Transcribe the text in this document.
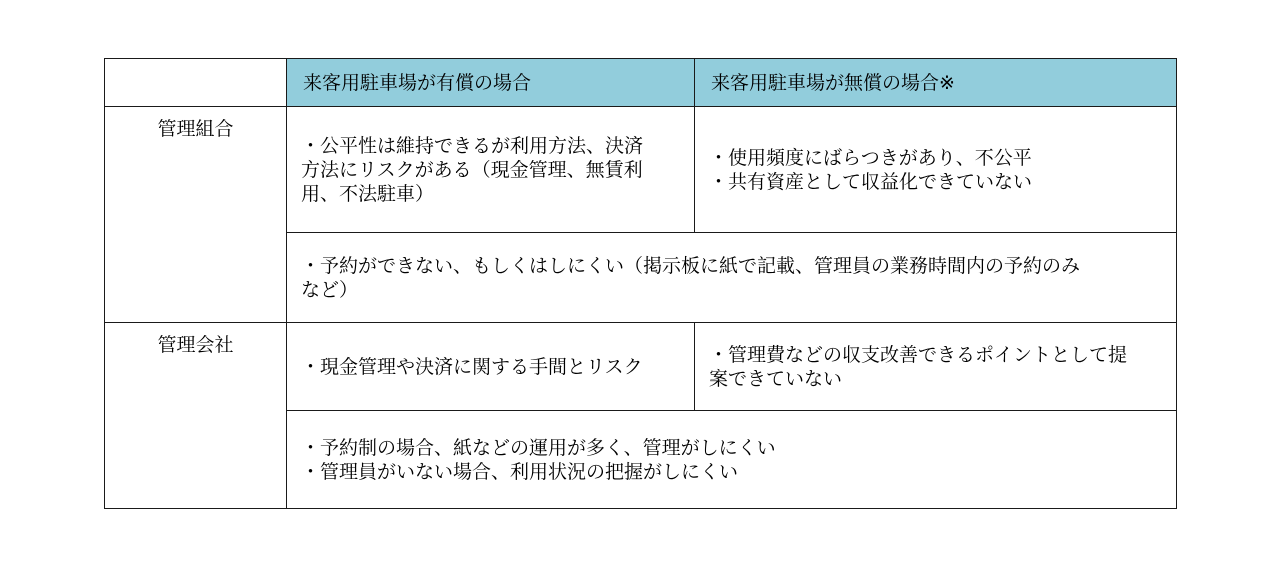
	来客用駐車場が有償の場合	来客用駐車場が無償の場合※
管理組合	・公平性は維持できるが利用方法、決済
方法にリスクがある（現金管理、無賃利
用、不法駐車）	・使用頻度にばらつきがあり、不公平
・共有資産として収益化できていない

	・予約ができない、もしくはしにくい（掲示板に紙で記載、管理員の業務時間内の予約のみ
など）	

管理会社	・現金管理や決済に関する手間とリスク	・管理費などの収支改善できるポイントとして提
案できていない

	・予約制の場合、紙などの運用が多く、管理がしにくい
・管理員がいない場合、利用状況の把握がしにくい	
